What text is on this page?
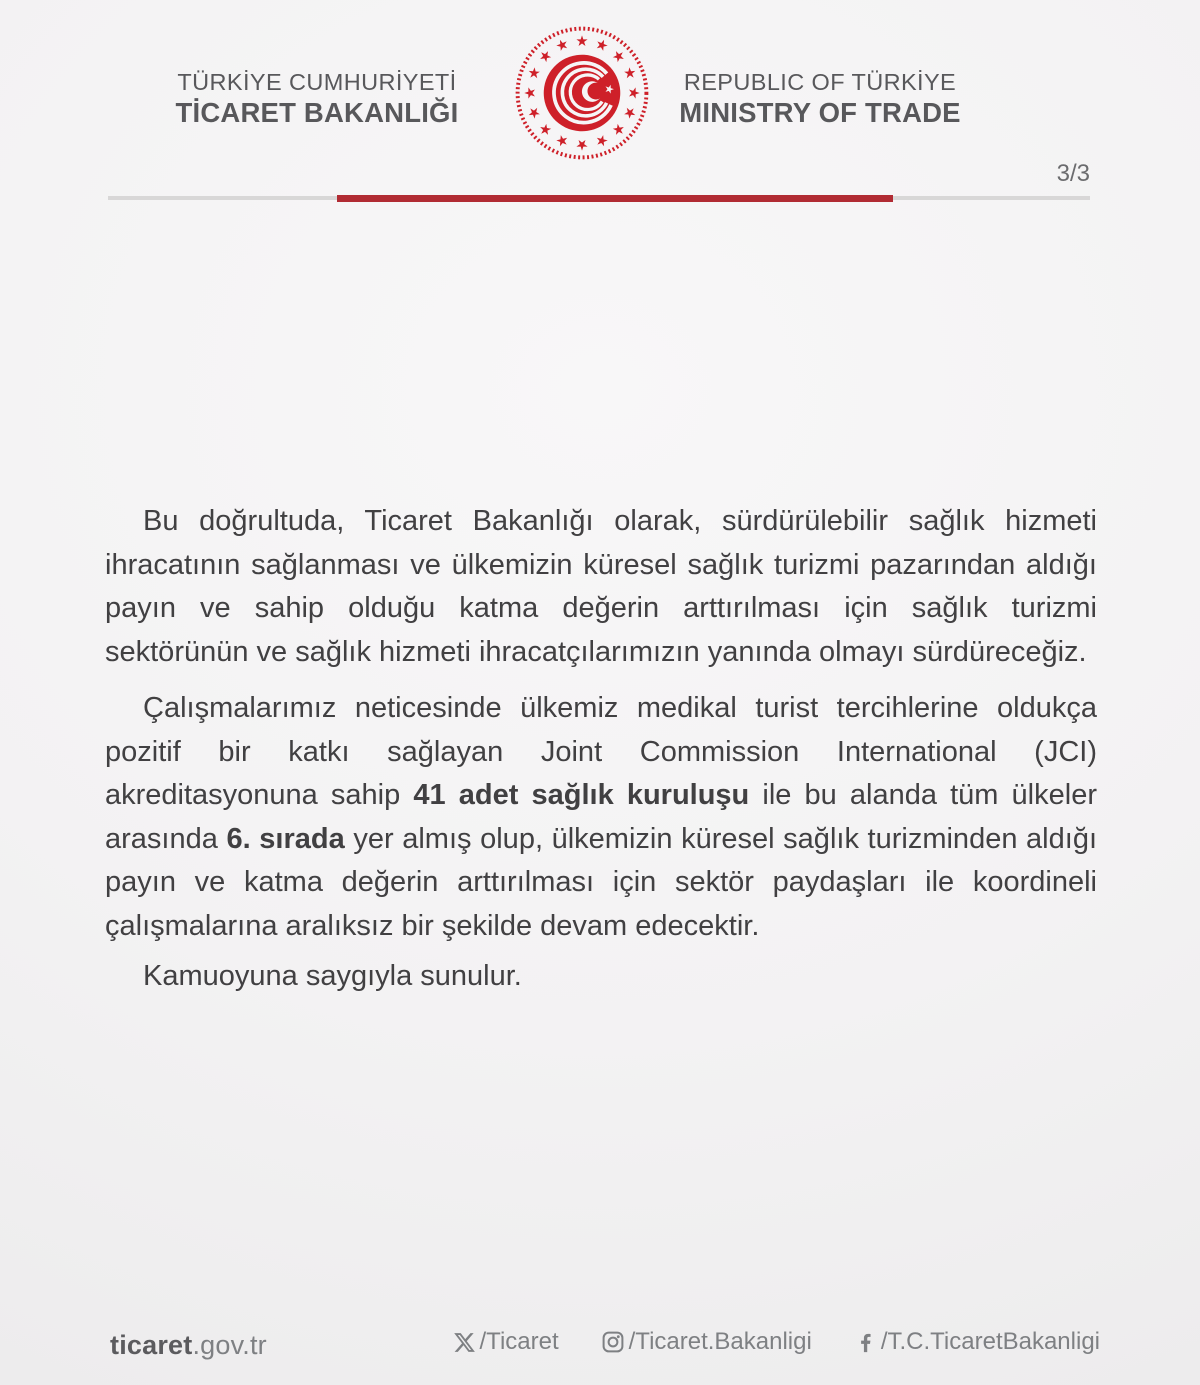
TÜRKİYE CUMHURİYETİ
TİCARET BAKANLIĞI
REPUBLIC OF TÜRKİYE
MINISTRY OF TRADE
3/3

Bu doğrultuda, Ticaret Bakanlığı olarak, sürdürülebilir sağlık hizmeti ihracatının sağlanması ve ülkemizin küresel sağlık turizmi pazarından aldığı payın ve sahip olduğu katma değerin arttırılması için sağlık turizmi sektörünün ve sağlık hizmeti ihracatçılarımızın yanında olmayı sürdüreceğiz.

Çalışmalarımız neticesinde ülkemiz medikal turist tercihlerine oldukça pozitif bir katkı sağlayan Joint Commission International (JCI) akreditasyonuna sahip 41 adet sağlık kuruluşu ile bu alanda tüm ülkeler arasında 6. sırada yer almış olup, ülkemizin küresel sağlık turizminden aldığı payın ve katma değerin arttırılması için sektör paydaşları ile koordineli çalışmalarına aralıksız bir şekilde devam edecektir.

Kamuoyuna saygıyla sunulur.

ticaret.gov.tr	/Ticaret	/Ticaret.Bakanligi	/T.C.TicaretBakanligi
